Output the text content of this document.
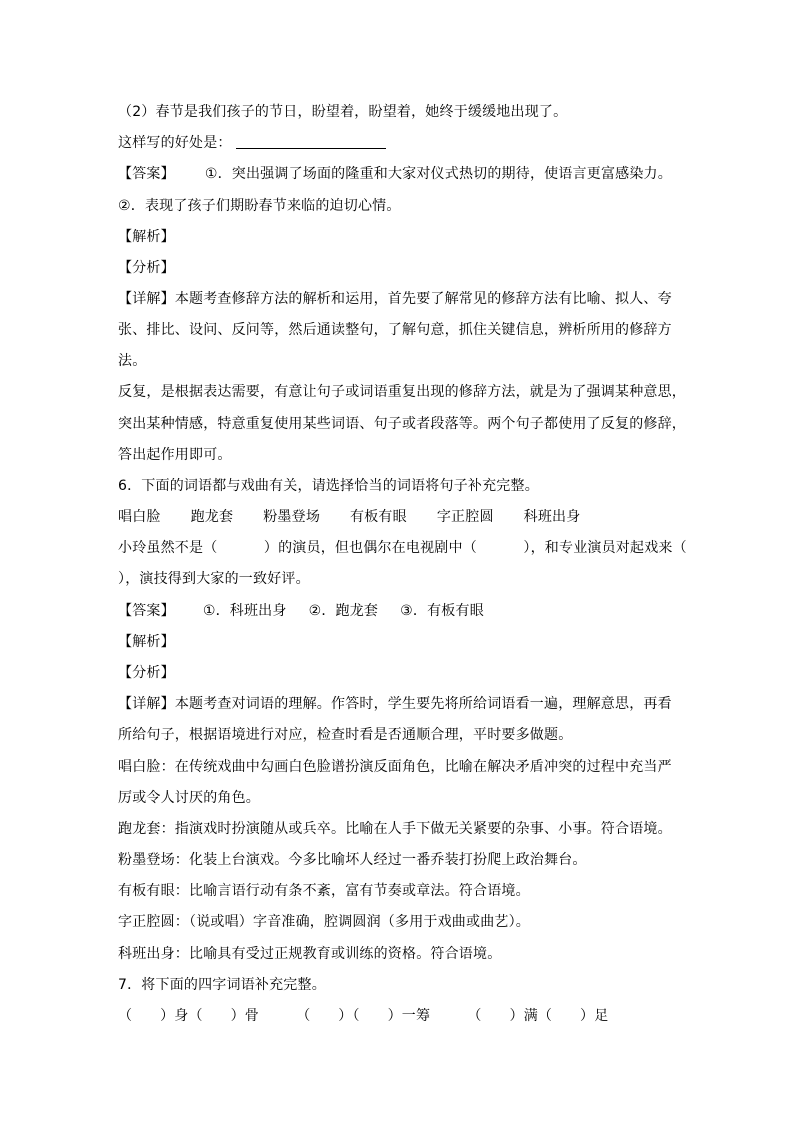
（2）春节是我们孩子的节日，盼望着，盼望着，她终于缓缓地出现了。
这样写的好处是：
【答案】 ①．突出强调了场面的隆重和大家对仪式热切的期待，使语言更富感染力。
②．表现了孩子们期盼春节来临的迫切心情。
【解析】
【分析】
【详解】本题考查修辞方法的解析和运用，首先要了解常见的修辞方法有比喻、拟人、夸
张、排比、设问、反问等，然后通读整句，了解句意，抓住关键信息，辨析所用的修辞方
法。
反复，是根据表达需要，有意让句子或词语重复出现的修辞方法，就是为了强调某种意思，
突出某种情感，特意重复使用某些词语、句子或者段落等。两个句子都使用了反复的修辞，
答出起作用即可。
6．下面的词语都与戏曲有关，请选择恰当的词语将句子补充完整。
唱白脸 跑龙套 粉墨登场 有板有眼 字正腔圆 科班出身
小玲虽然不是（          ）的演员，但也偶尔在电视剧中（          ），和专业演员对起戏来（
），演技得到大家的一致好评。
【答案】 ①．科班出身 ②．跑龙套 ③．有板有眼
【解析】
【分析】
【详解】本题考查对词语的理解。作答时，学生要先将所给词语看一遍，理解意思，再看
所给句子，根据语境进行对应，检查时看是否通顺合理，平时要多做题。
唱白脸：在传统戏曲中勾画白色脸谱扮演反面角色，比喻在解决矛盾冲突的过程中充当严
厉或令人讨厌的角色。
跑龙套：指演戏时扮演随从或兵卒。比喻在人手下做无关紧要的杂事、小事。符合语境。
粉墨登场：化装上台演戏。今多比喻坏人经过一番乔装打扮爬上政治舞台。
有板有眼：比喻言语行动有条不紊，富有节奏或章法。符合语境。
字正腔圆：（说或唱）字音准确，腔调圆润（多用于戏曲或曲艺）。
科班出身：比喻具有受过正规教育或训练的资格。符合语境。
7．将下面的四字词语补充完整。
（      ）身（      ）骨        （      ）（      ）一筹        （      ）满（      ）足
